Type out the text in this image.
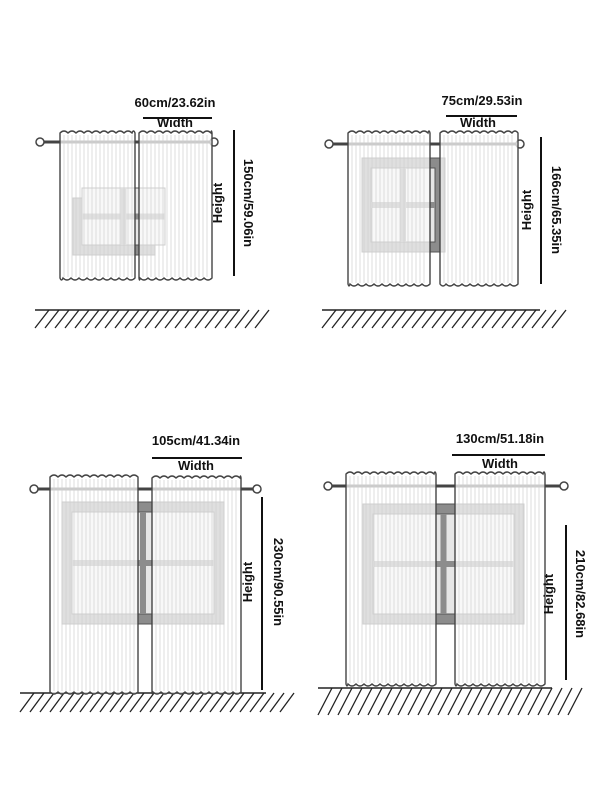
60cm/23.62in
Width
150cm/59.06in
Height
75cm/29.53in
Width
166cm/65.35in
Height
105cm/41.34in
Width
230cm/90.55in
Height
130cm/51.18in
Width
210cm/82.68in
Height
